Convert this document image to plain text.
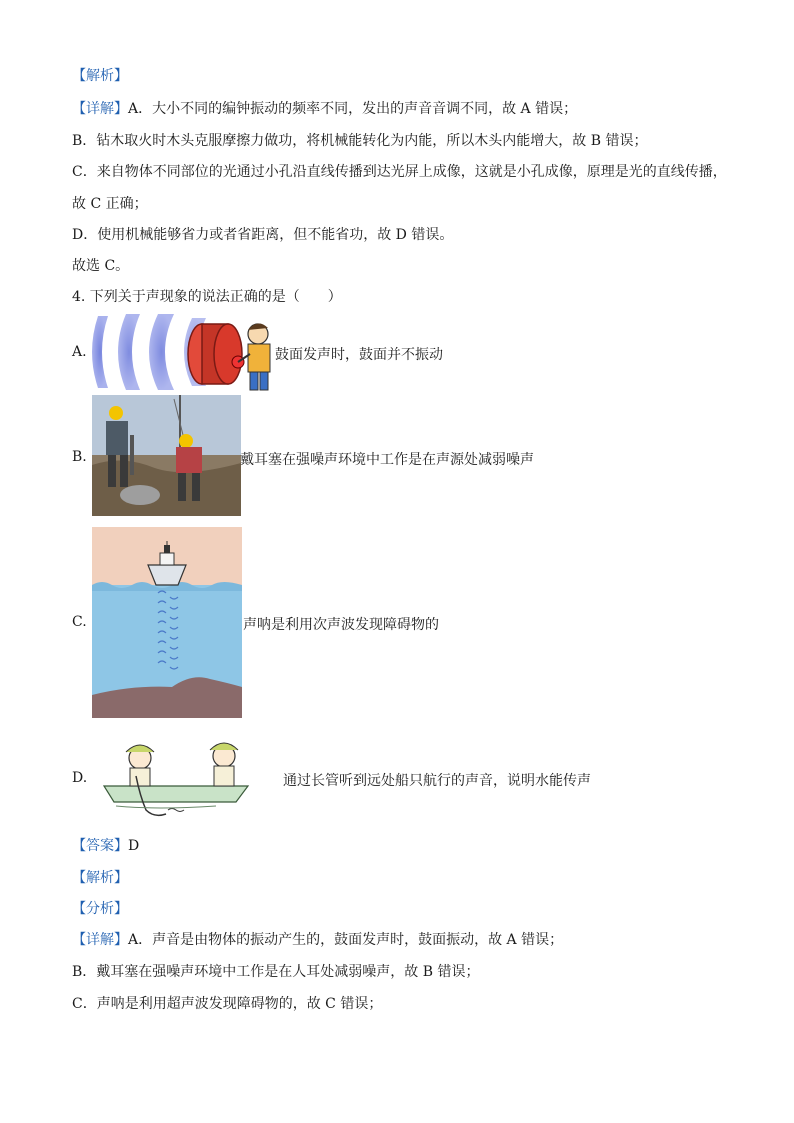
【解析】
【详解】A．大小不同的编钟振动的频率不同，发出的声音音调不同，故 A 错误；
B．钻木取火时木头克服摩擦力做功，将机械能转化为内能，所以木头内能增大，故 B 错误；
C．来自物体不同部位的光通过小孔沿直线传播到达光屏上成像，这就是小孔成像，原理是光的直线传播，
故 C 正确；
D．使用机械能够省力或者省距离，但不能省功，故 D 错误。
故选 C。
4. 下列关于声现象的说法正确的是（　　）
A.	鼓面发声时，鼓面并不振动
B.	戴耳塞在强噪声环境中工作是在声源处减弱噪声
C.	声呐是利用次声波发现障碍物的
D.	通过长管听到远处船只航行的声音，说明水能传声
【答案】D
【解析】
【分析】
【详解】A．声音是由物体的振动产生的，鼓面发声时，鼓面振动，故 A 错误；
B．戴耳塞在强噪声环境中工作是在人耳处减弱噪声，故 B 错误；
C．声呐是利用超声波发现障碍物的，故 C 错误；
